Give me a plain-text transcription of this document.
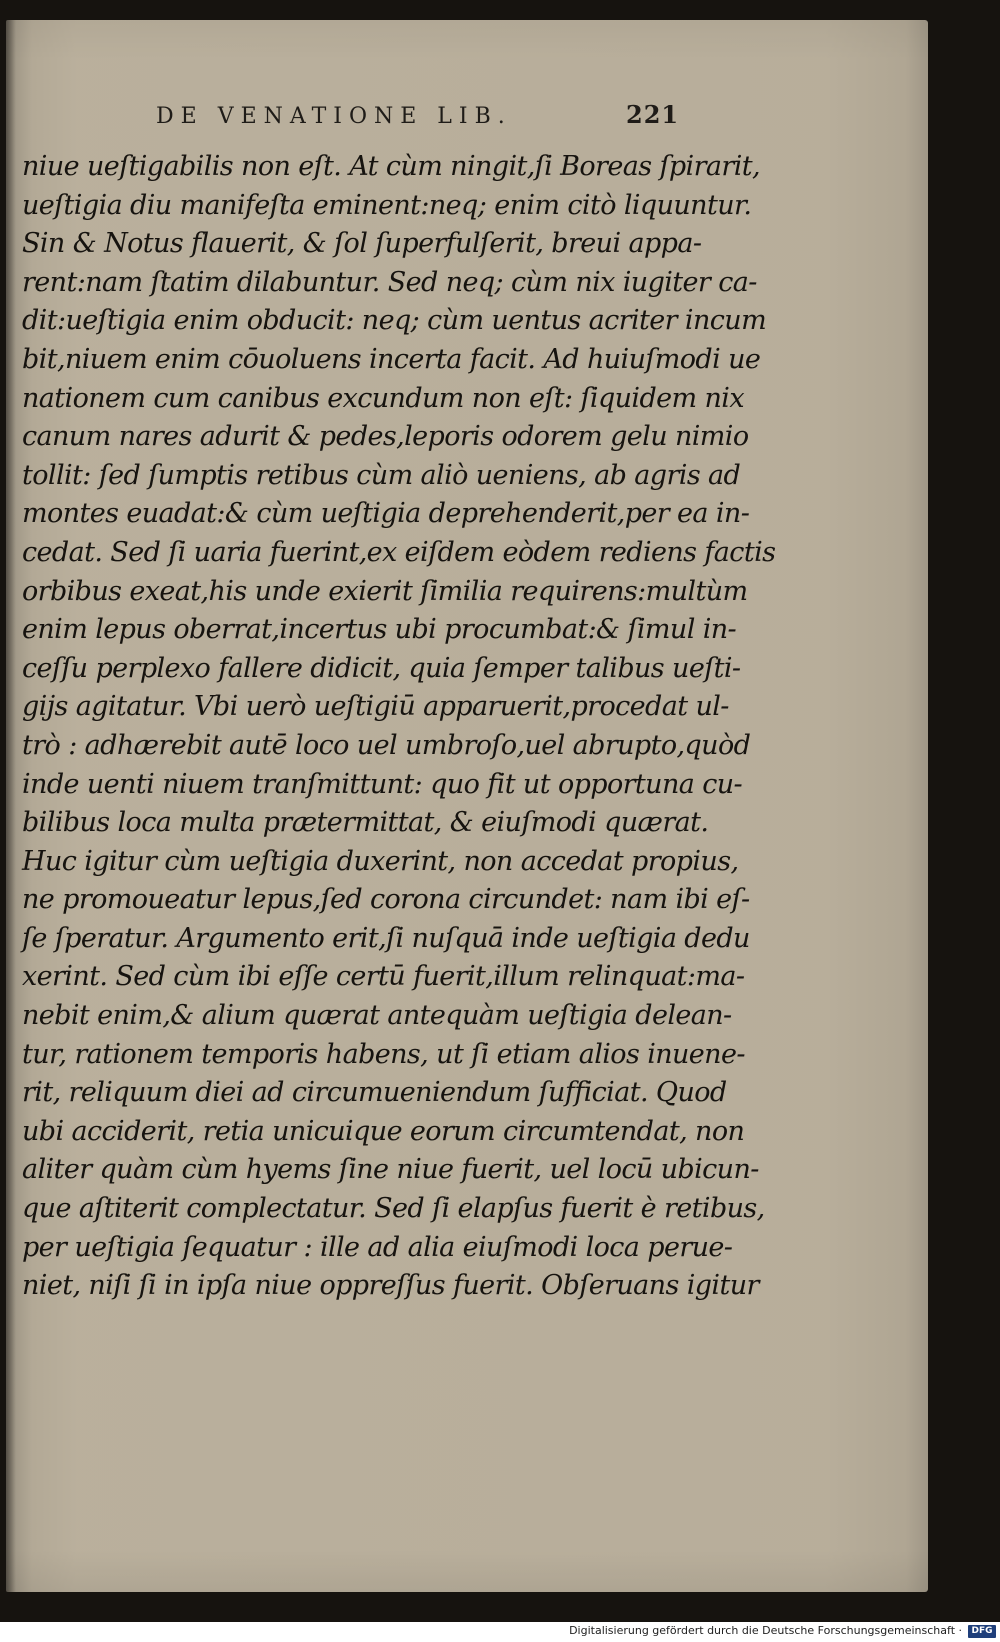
DE VENATIONE LIB.	221
niue ueſtigabilis non eſt. At cùm ningit,ſi Boreas ſpirarit,
ueſtigia diu manifeſta eminent:neq; enim citò liquuntur.
Sin & Notus flauerit, & ſol ſuperfulſerit, breui appa-
rent:nam ſtatim dilabuntur. Sed neq; cùm nix iugiter ca-
dit:ueſtigia enim obducit: neq; cùm uentus acriter incum
bit,niuem enim cōuoluens incerta facit. Ad huiuſmodi ue
nationem cum canibus excundum non eſt: ſiquidem nix
canum nares adurit & pedes,leporis odorem gelu nimio
tollit: ſed ſumptis retibus cùm aliò ueniens, ab agris ad
montes euadat:& cùm ueſtigia deprehenderit,per ea in-
cedat. Sed ſi uaria fuerint,ex eiſdem eòdem rediens factis
orbibus exeat,his unde exierit ſimilia requirens:multùm
enim lepus oberrat,incertus ubi procumbat:& ſimul in-
ceſſu perplexo fallere didicit, quia ſemper talibus ueſti-
gijs agitatur. Vbi uerò ueſtigiū apparuerit,procedat ul-
trò : adhærebit autē loco uel umbroſo,uel abrupto,quòd
inde uenti niuem tranſmittunt: quo fit ut opportuna cu-
bilibus loca multa prætermittat, & eiuſmodi quærat.
Huc igitur cùm ueſtigia duxerint, non accedat propius,
ne promoueatur lepus,ſed corona circundet: nam ibi eſ-
ſe ſperatur. Argumento erit,ſi nuſquā inde ueſtigia dedu
xerint. Sed cùm ibi eſſe certū fuerit,illum relinquat:ma-
nebit enim,& alium quærat antequàm ueſtigia delean-
tur, rationem temporis habens, ut ſi etiam alios inuene-
rit, reliquum diei ad circumueniendum ſufficiat. Quod
ubi acciderit, retia unicuique eorum circumtendat, non
aliter quàm cùm hyems ſine niue fuerit, uel locū ubicun-
que aſtiterit complectatur. Sed ſi elapſus fuerit è retibus,
per ueſtigia ſequatur : ille ad alia eiuſmodi loca perue-
niet, niſi ſi in ipſa niue oppreſſus fuerit. Obſeruans igitur
Digitalisierung gefördert durch die Deutsche Forschungsgemeinschaft ·	DFG
